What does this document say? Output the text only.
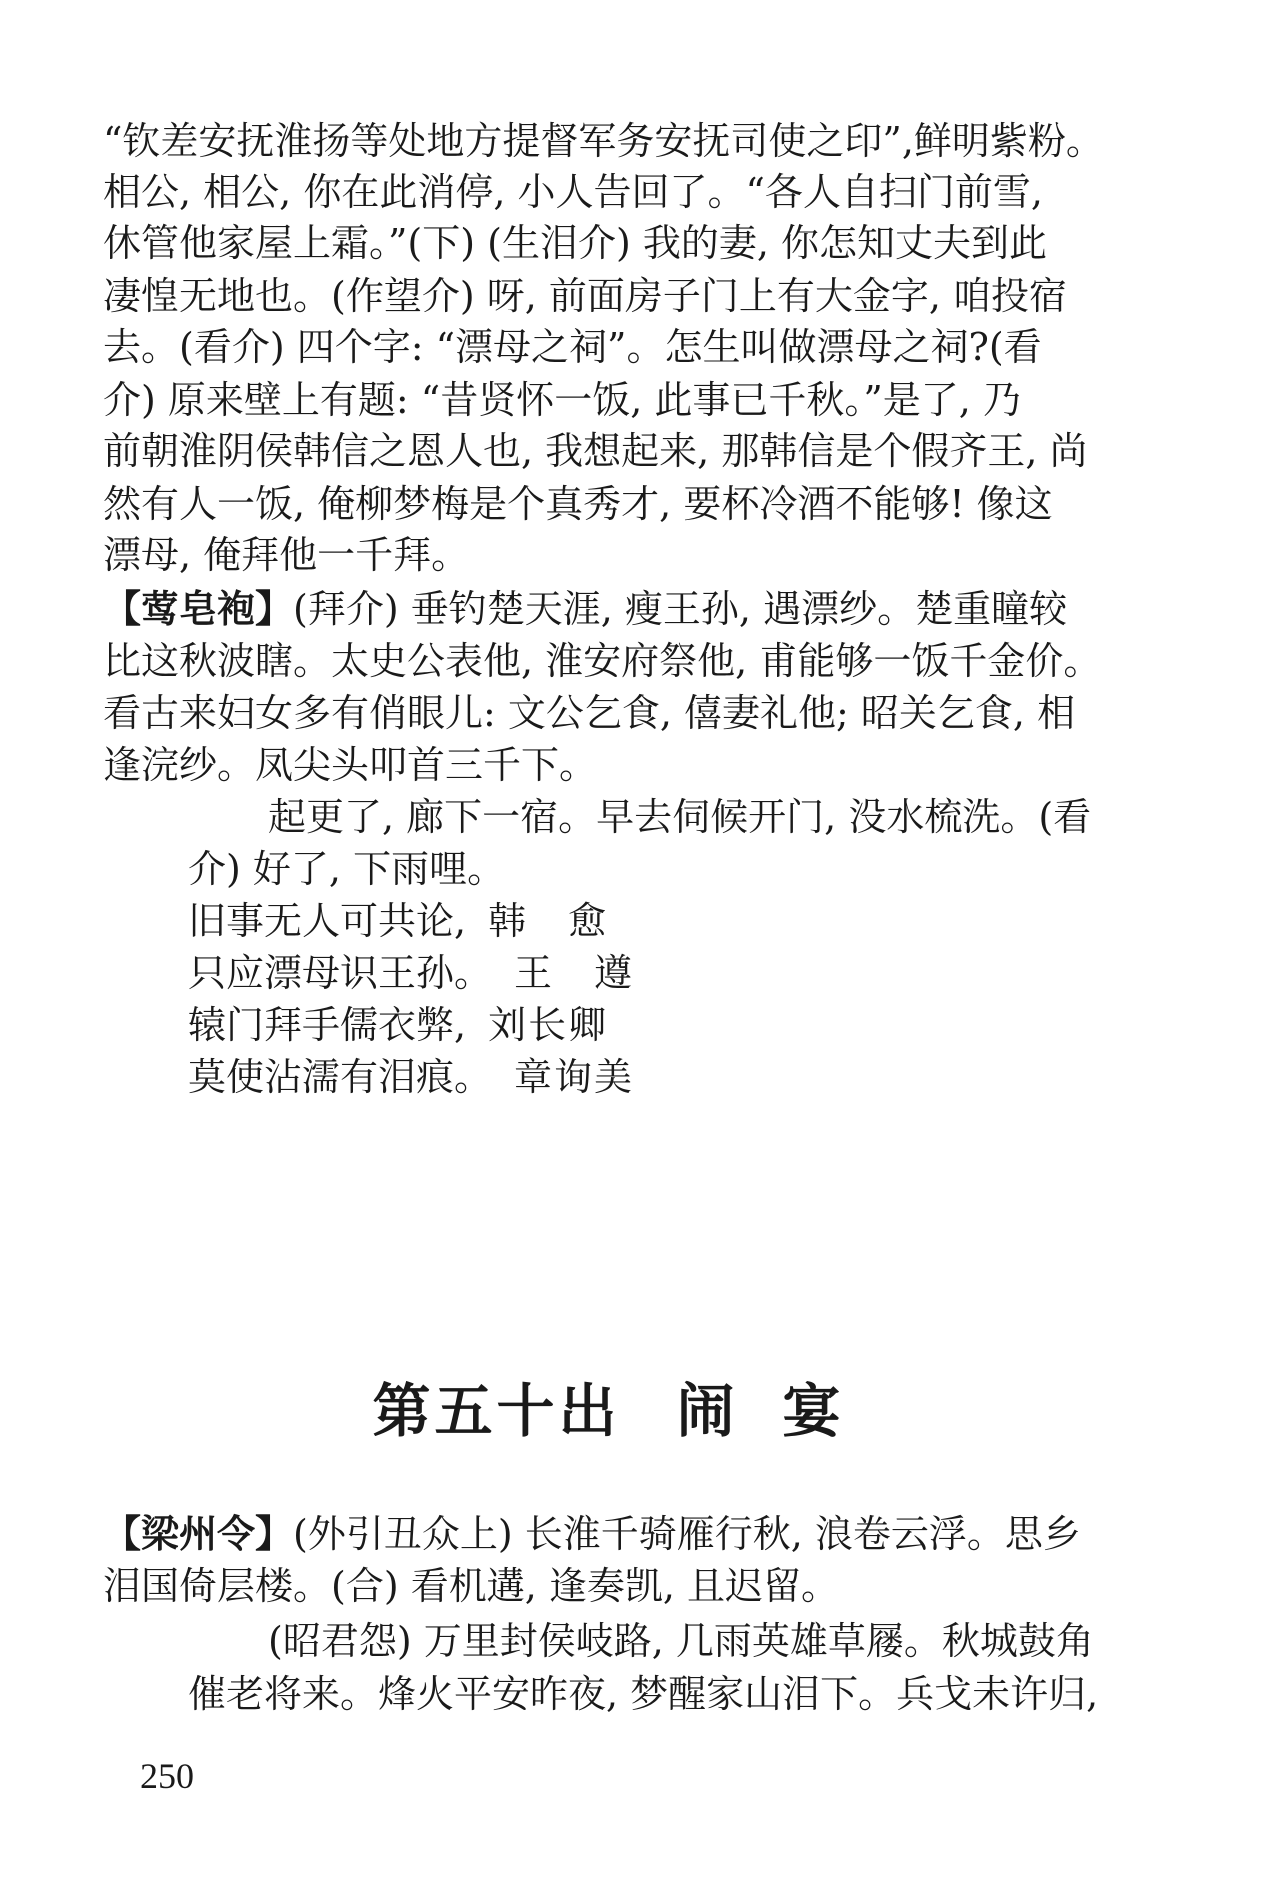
“钦差安抚淮扬等处地方提督军务安抚司使之印”,鲜明紫粉。

相公, 相公, 你在此消停, 小人告回了。“各人自扫门前雪,

休管他家屋上霜。”(下) (生泪介) 我的妻, 你怎知丈夫到此

凄惶无地也。(作望介) 呀, 前面房子门上有大金字, 咱投宿

去。(看介) 四个字: “漂母之祠”。怎生叫做漂母之祠?(看

介) 原来壁上有题: “昔贤怀一饭, 此事已千秋。”是了, 乃

前朝淮阴侯韩信之恩人也, 我想起来, 那韩信是个假齐王, 尚

然有人一饭, 俺柳梦梅是个真秀才, 要杯冷酒不能够! 像这

漂母, 俺拜他一千拜。

【莺皂袍】(拜介) 垂钓楚天涯, 瘦王孙, 遇漂纱。楚重瞳较

比这秋波瞎。太史公表他, 淮安府祭他, 甫能够一饭千金价。

看古来妇女多有俏眼儿: 文公乞食, 僖妻礼他; 昭关乞食, 相

逢浣纱。凤尖头叩首三千下。

起更了, 廊下一宿。早去伺候开门, 没水梳洗。(看

介) 好了, 下雨哩。

旧事无人可共论, 韩　愈

只应漂母识王孙。 王　遵

辕门拜手儒衣弊, 刘长卿

莫使沾濡有泪痕。 章询美

第五十出 闹宴

【梁州令】(外引丑众上) 长淮千骑雁行秋, 浪卷云浮。思乡

泪国倚层楼。(合) 看机遘, 逢奏凯, 且迟留。

(昭君怨) 万里封侯岐路, 几雨英雄草屦。秋城鼓角

催老将来。烽火平安昨夜, 梦醒家山泪下。兵戈未许归,

250
